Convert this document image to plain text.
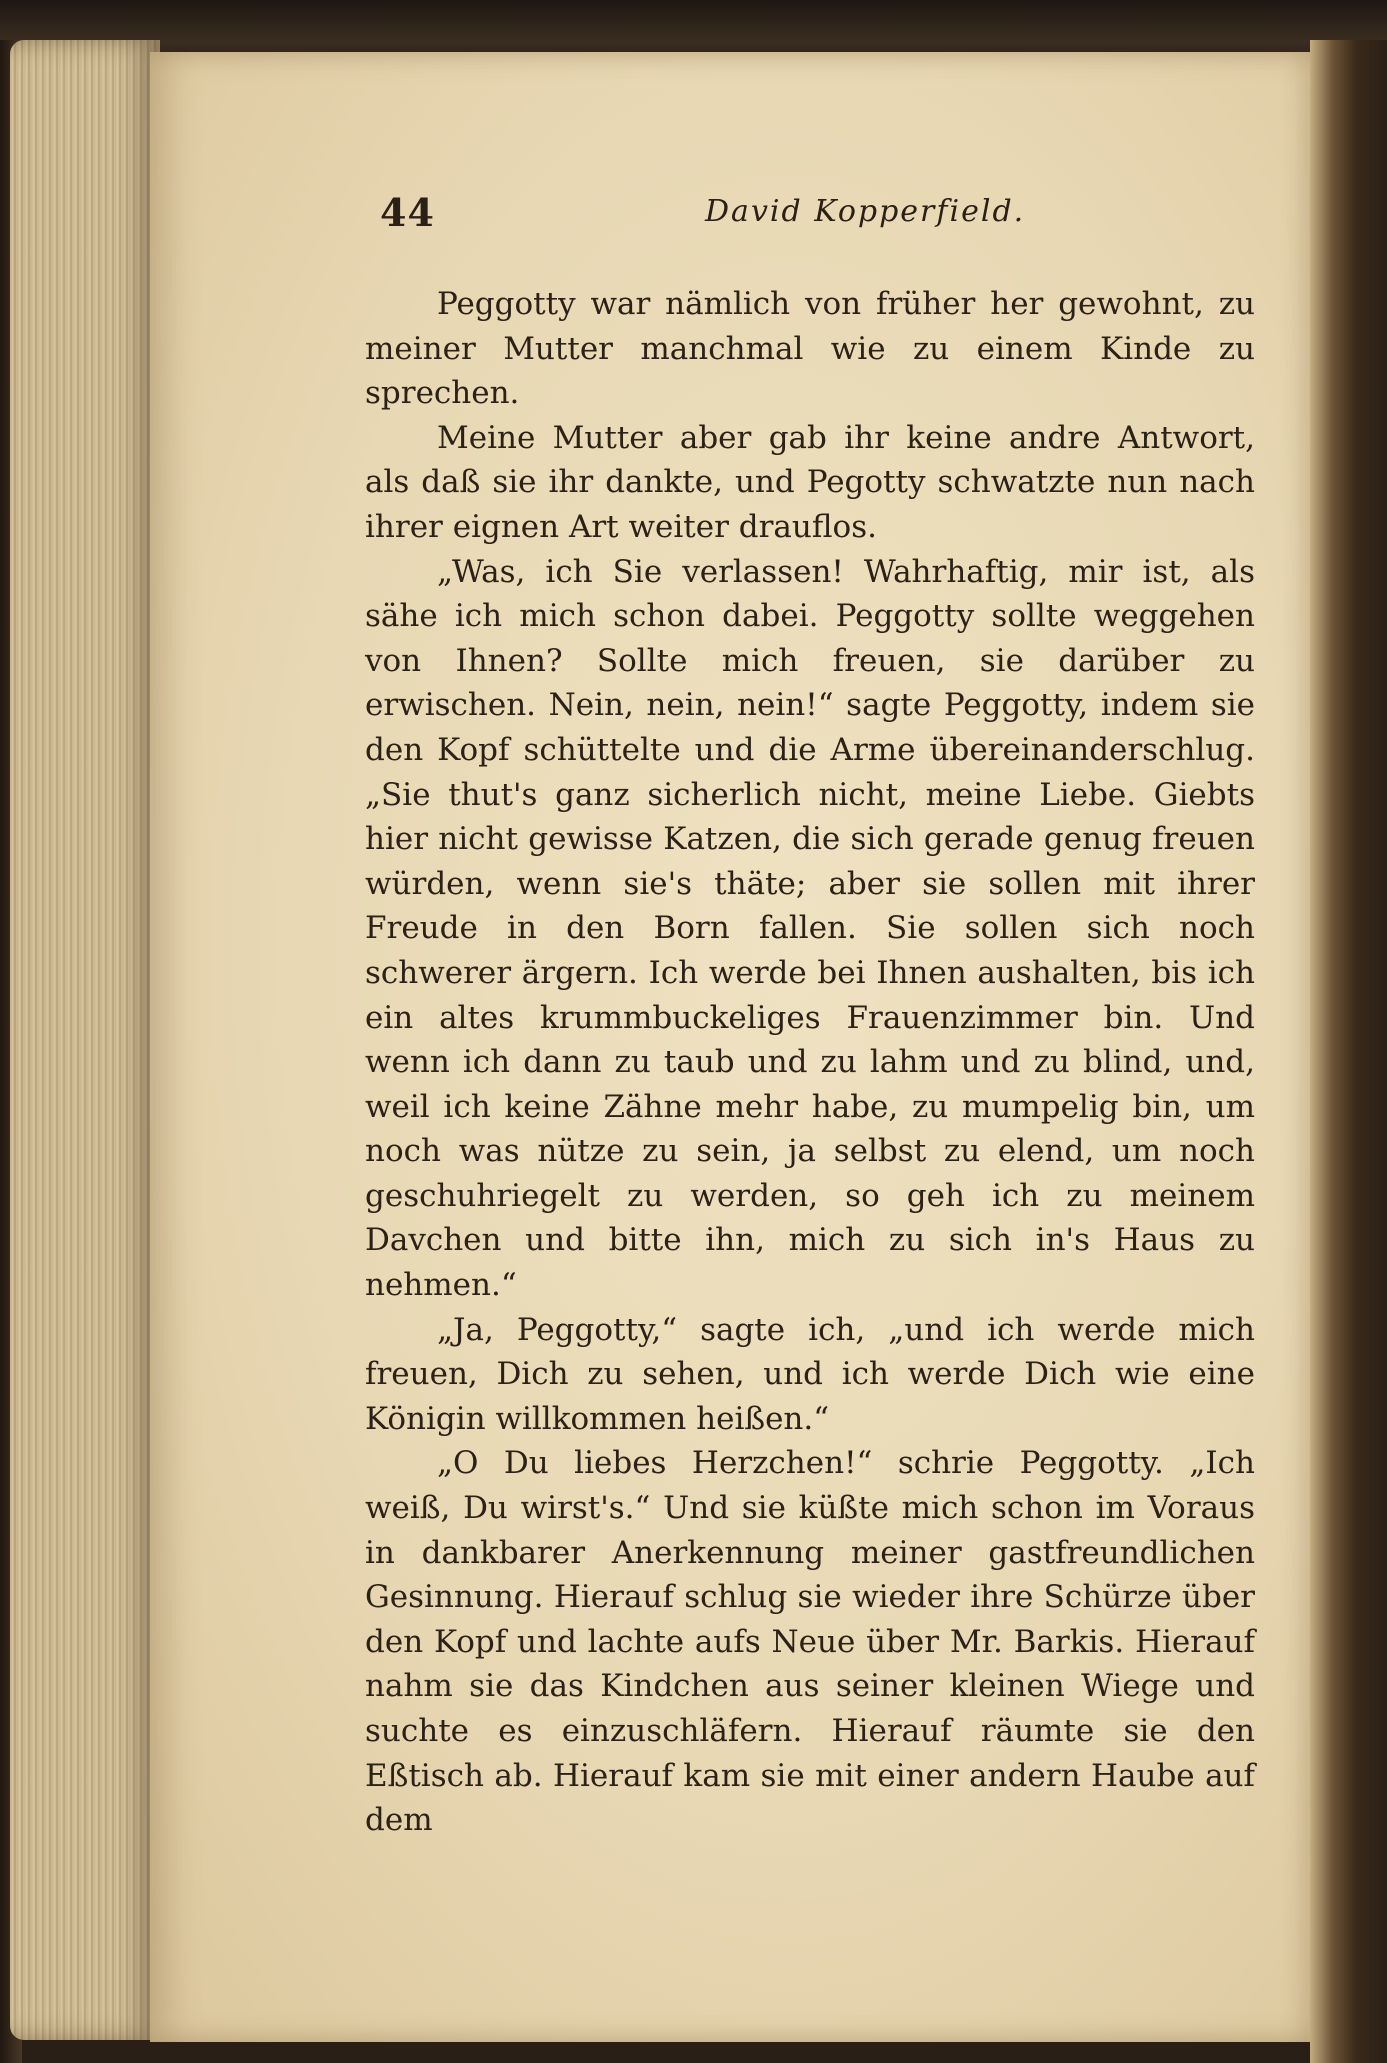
44	David Kopperfield.

Peggotty war nämlich von früher her gewohnt, zu meiner Mutter manchmal wie zu einem Kinde zu sprechen.

Meine Mutter aber gab ihr keine andre Antwort, als daß sie ihr dankte, und Pegotty schwatzte nun nach ihrer eignen Art weiter drauflos.

„Was, ich Sie verlassen! Wahrhaftig, mir ist, als sähe ich mich schon dabei. Peggotty sollte weggehen von Ihnen? Sollte mich freuen, sie darüber zu erwischen. Nein, nein, nein!“ sagte Peggotty, indem sie den Kopf schüttelte und die Arme übereinanderschlug. „Sie thut's ganz sicherlich nicht, meine Liebe. Giebts hier nicht gewisse Katzen, die sich gerade genug freuen würden, wenn sie's thäte; aber sie sollen mit ihrer Freude in den Born fallen. Sie sollen sich noch schwerer ärgern. Ich werde bei Ihnen aushalten, bis ich ein altes krummbuckeliges Frauenzimmer bin. Und wenn ich dann zu taub und zu lahm und zu blind, und, weil ich keine Zähne mehr habe, zu mumpelig bin, um noch was nütze zu sein, ja selbst zu elend, um noch geschuhriegelt zu werden, so geh ich zu meinem Davchen und bitte ihn, mich zu sich in's Haus zu nehmen.“

„Ja, Peggotty,“ sagte ich, „und ich werde mich freuen, Dich zu sehen, und ich werde Dich wie eine Königin willkommen heißen.“

„O Du liebes Herzchen!“ schrie Peggotty. „Ich weiß, Du wirst's.“ Und sie küßte mich schon im Voraus in dankbarer Anerkennung meiner gastfreundlichen Gesinnung. Hierauf schlug sie wieder ihre Schürze über den Kopf und lachte aufs Neue über Mr. Barkis. Hierauf nahm sie das Kindchen aus seiner kleinen Wiege und suchte es einzuschläfern. Hierauf räumte sie den Eßtisch ab. Hierauf kam sie mit einer andern Haube auf dem
